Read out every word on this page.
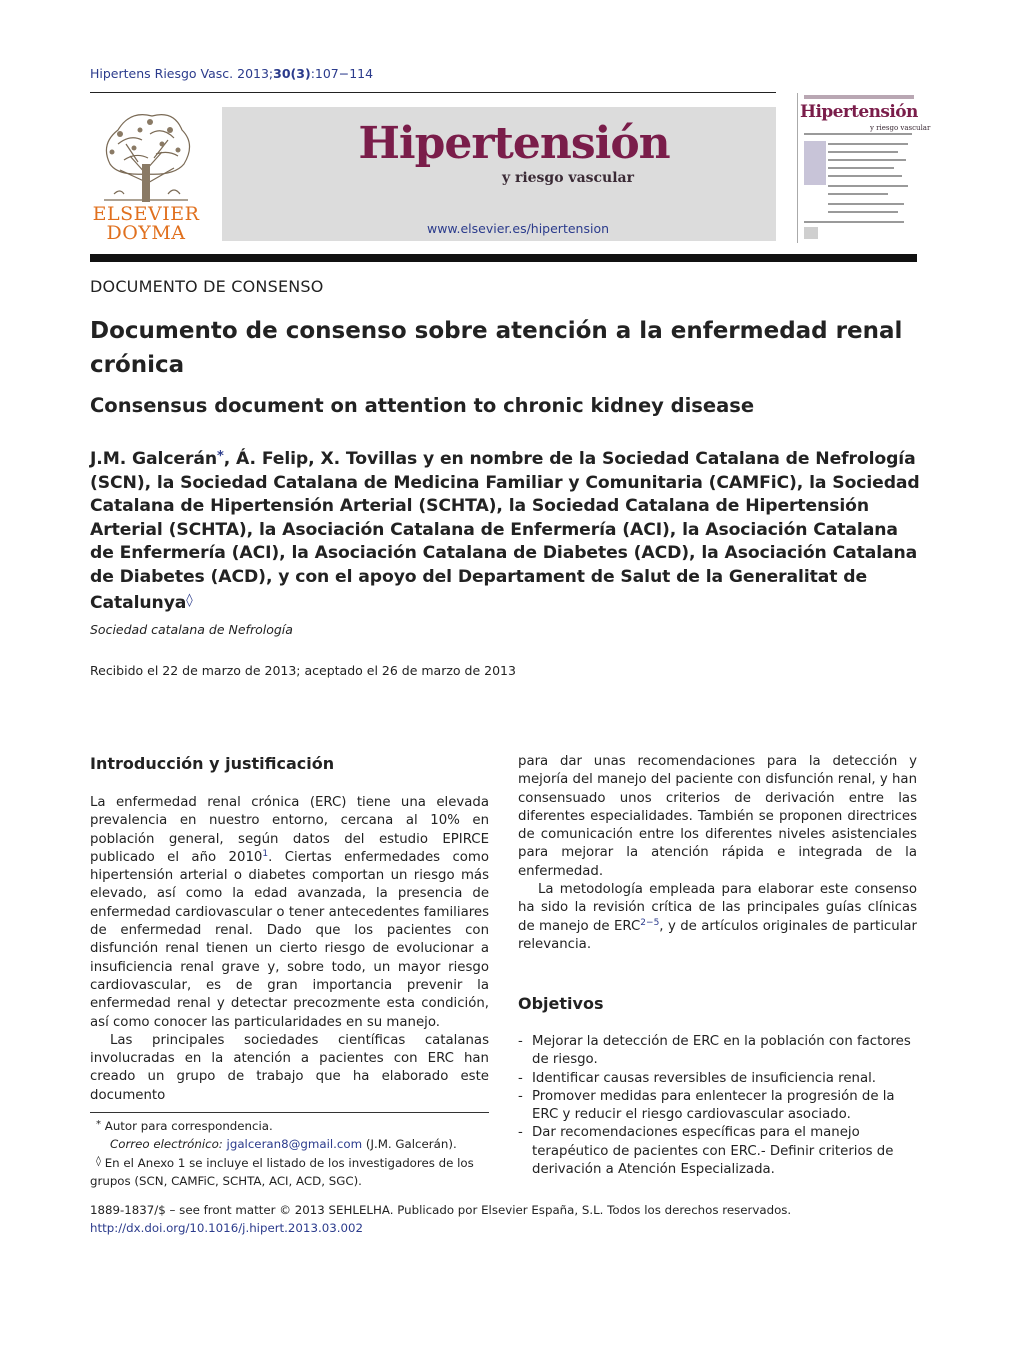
Hipertens Riesgo Vasc. 2013;30(3):107−114
ELSEVIER
DOYMA
Hipertensión
y riesgo vascular
www.elsevier.es/hipertension
Hipertensión
y riesgo vascular
DOCUMENTO DE CONSENSO
Documento de consenso sobre atención a la enfermedad renal crónica
Consensus document on attention to chronic kidney disease
J.M. Galcerán*, Á. Felip, X. Tovillas y en nombre de la Sociedad Catalana de Nefrología (SCN), la Sociedad Catalana de Medicina Familiar y Comunitaria (CAMFiC), la Sociedad Catalana de Hipertensión Arterial (SCHTA), la Sociedad Catalana de Hipertensión Arterial (SCHTA), la Asociación Catalana de Enfermería (ACI), la Asociación Catalana de Enfermería (ACI), la Asociación Catalana de Diabetes (ACD), la Asociación Catalana de Diabetes (ACD), y con el apoyo del Departament de Salut de la Generalitat de Catalunya◊
Sociedad catalana de Nefrología
Recibido el 22 de marzo de 2013; aceptado el 26 de marzo de 2013
Introducción y justificación

La enfermedad renal crónica (ERC) tiene una elevada prevalencia en nuestro entorno, cercana al 10% en población general, según datos del estudio EPIRCE publicado el año 2010$^1$. Ciertas enfermedades como hipertensión arterial o diabetes comportan un riesgo más elevado, así como la edad avanzada, la presencia de enfermedad cardiovascular o tener antecedentes familiares de enfermedad renal. Dado que los pacientes con disfunción renal tienen un cierto riesgo de evolucionar a insuficiencia renal grave y, sobre todo, un mayor riesgo cardiovascular, es de gran importancia prevenir la enfermedad renal y detectar precozmente esta condición, así como conocer las particularidades en su manejo.

Las principales sociedades científicas catalanas involucradas en la atención a pacientes con ERC han creado un grupo de trabajo que ha elaborado este documento

* Autor para correspondencia.
Correo electrónico: jgalceran8@gmail.com (J.M. Galcerán).
◊ En el Anexo 1 se incluye el listado de los investigadores de los grupos (SCN, CAMFiC, SCHTA, ACI, ACD, SGC).

para dar unas recomendaciones para la detección y mejoría del manejo del paciente con disfunción renal, y han consensuado unos criterios de derivación entre las diferentes especialidades. También se proponen directrices de comunicación entre los diferentes niveles asistenciales para mejorar la atención rápida e integrada de la enfermedad.

La metodología empleada para elaborar este consenso ha sido la revisión crítica de las principales guías clínicas de manejo de ERC$^{2-5}$, y de artículos originales de particular relevancia.

Objetivos
- Mejorar la detección de ERC en la población con factores de riesgo.
- Identificar causas reversibles de insuficiencia renal.
- Promover medidas para enlentecer la progresión de la ERC y reducir el riesgo cardiovascular asociado.
- Dar recomendaciones específicas para el manejo terapéutico de pacientes con ERC.- Definir criterios de derivación a Atención Especializada.
1889-1837/$ – see front matter © 2013 SEHLELHA. Publicado por Elsevier España, S.L. Todos los derechos reservados.
http://dx.doi.org/10.1016/j.hipert.2013.03.002
